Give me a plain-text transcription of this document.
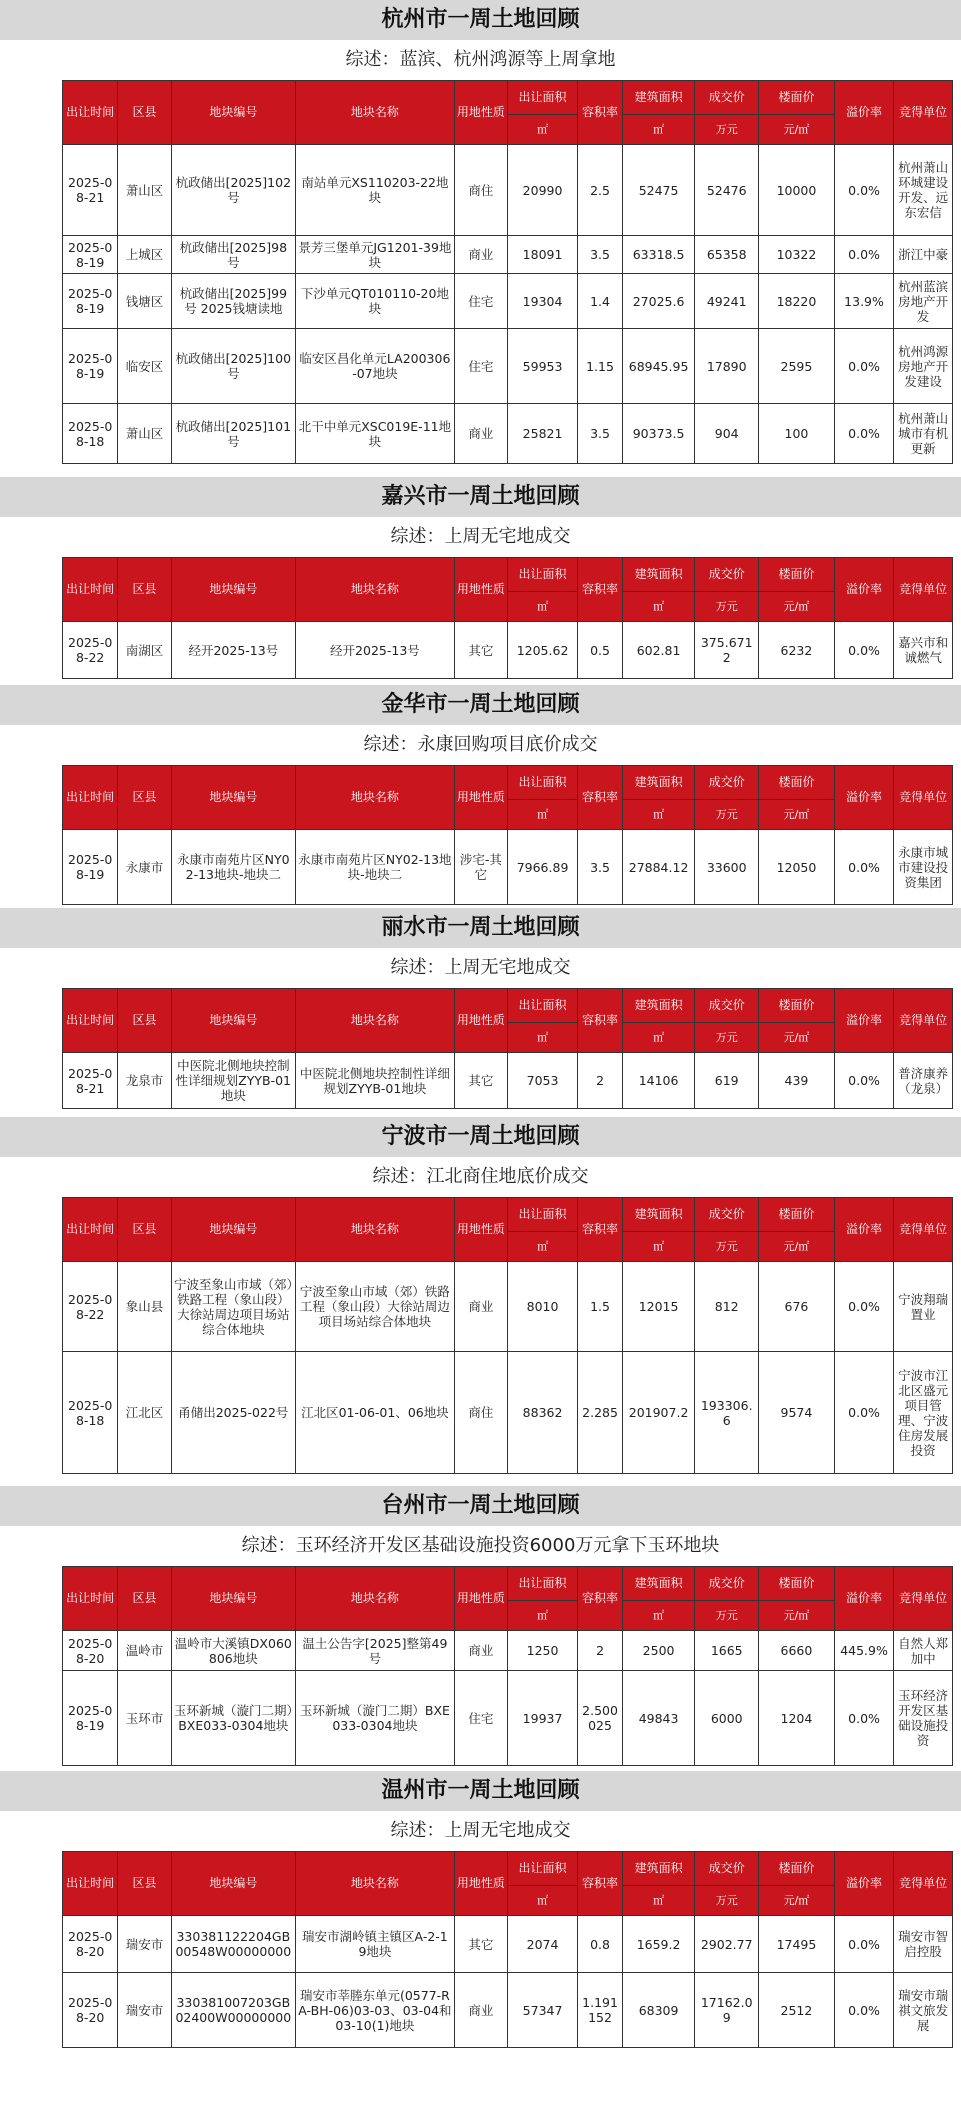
杭州市一周土地回顾
综述：蓝滨、杭州鸿源等上周拿地
出让时间	区县	地块编号	地块名称	用地性质	出让面积	容积率	建筑面积	成交价	楼面价	溢价率	竞得单位
					㎡		㎡	万元	元/㎡		
2025-08-21	萧山区	杭政储出[2025]102号	南站单元XS110203-22地块	商住	20990	2.5	52475	52476	10000	0.0%	杭州萧山环城建设开发、远东宏信
2025-08-19	上城区	杭政储出[2025]98号	景芳三堡单元JG1201-39地块	商业	18091	3.5	63318.5	65358	10322	0.0%	浙江中豪
2025-08-19	钱塘区	杭政储出[2025]99号 2025钱塘读地	下沙单元QT010110-20地块	住宅	19304	1.4	27025.6	49241	18220	13.9%	杭州蓝滨房地产开发
2025-08-19	临安区	杭政储出[2025]100号	临安区昌化单元LA200306-07地块	住宅	59953	1.15	68945.95	17890	2595	0.0%	杭州鸿源房地产开发建设
2025-08-18	萧山区	杭政储出[2025]101号	北干中单元XSC019E-11地块	商业	25821	3.5	90373.5	904	100	0.0%	杭州萧山城市有机更新
嘉兴市一周土地回顾
综述：上周无宅地成交
出让时间	区县	地块编号	地块名称	用地性质	出让面积	容积率	建筑面积	成交价	楼面价	溢价率	竞得单位
					㎡		㎡	万元	元/㎡		
2025-08-22	南湖区	经开2025-13号	经开2025-13号	其它	1205.62	0.5	602.81	375.6712	6232	0.0%	嘉兴市和诚燃气
金华市一周土地回顾
综述：永康回购项目底价成交
出让时间	区县	地块编号	地块名称	用地性质	出让面积	容积率	建筑面积	成交价	楼面价	溢价率	竞得单位
					㎡		㎡	万元	元/㎡		
2025-08-19	永康市	永康市南苑片区NY02-13地块-地块二	永康市南苑片区NY02-13地块-地块二	涉宅-其它	7966.89	3.5	27884.12	33600	12050	0.0%	永康市城市建设投资集团
丽水市一周土地回顾
综述：上周无宅地成交
出让时间	区县	地块编号	地块名称	用地性质	出让面积	容积率	建筑面积	成交价	楼面价	溢价率	竞得单位
					㎡		㎡	万元	元/㎡		
2025-08-21	龙泉市	中医院北侧地块控制性详细规划ZYYB-01地块	中医院北侧地块控制性详细规划ZYYB-01地块	其它	7053	2	14106	619	439	0.0%	普济康养（龙泉）
宁波市一周土地回顾
综述：江北商住地底价成交
出让时间	区县	地块编号	地块名称	用地性质	出让面积	容积率	建筑面积	成交价	楼面价	溢价率	竞得单位
					㎡		㎡	万元	元/㎡		
2025-08-22	象山县	宁波至象山市域（郊）铁路工程（象山段）大徐站周边项目场站综合体地块	宁波至象山市域（郊）铁路工程（象山段）大徐站周边项目场站综合体地块	商业	8010	1.5	12015	812	676	0.0%	宁波翔瑞置业
2025-08-18	江北区	甬储出2025-022号	江北区01-06-01、06地块	商住	88362	2.285	201907.2	193306.6	9574	0.0%	宁波市江北区盛元项目管理、宁波住房发展投资
台州市一周土地回顾
综述：玉环经济开发区基础设施投资6000万元拿下玉环地块
出让时间	区县	地块编号	地块名称	用地性质	出让面积	容积率	建筑面积	成交价	楼面价	溢价率	竞得单位
					㎡		㎡	万元	元/㎡		
2025-08-20	温岭市	温岭市大溪镇DX060806地块	温土公告字[2025]整第49号	商业	1250	2	2500	1665	6660	445.9%	自然人郑加中
2025-08-19	玉环市	玉环新城（漩门二期）BXE033-0304地块	玉环新城（漩门二期）BXE033-0304地块	住宅	19937	2.500025	49843	6000	1204	0.0%	玉环经济开发区基础设施投资
温州市一周土地回顾
综述：上周无宅地成交
出让时间	区县	地块编号	地块名称	用地性质	出让面积	容积率	建筑面积	成交价	楼面价	溢价率	竞得单位
					㎡		㎡	万元	元/㎡		
2025-08-20	瑞安市	330381122204GB00548W00000000	瑞安市湖岭镇主镇区A-2-19地块	其它	2074	0.8	1659.2	2902.77	17495	0.0%	瑞安市智启控股
2025-08-20	瑞安市	330381007203GB02400W00000000	瑞安市莘塍东单元(0577-RA-BH-06)03-03、03-04和03-10(1)地块	商业	57347	1.191152	68309	17162.09	2512	0.0%	瑞安市瑞祺文旅发展
